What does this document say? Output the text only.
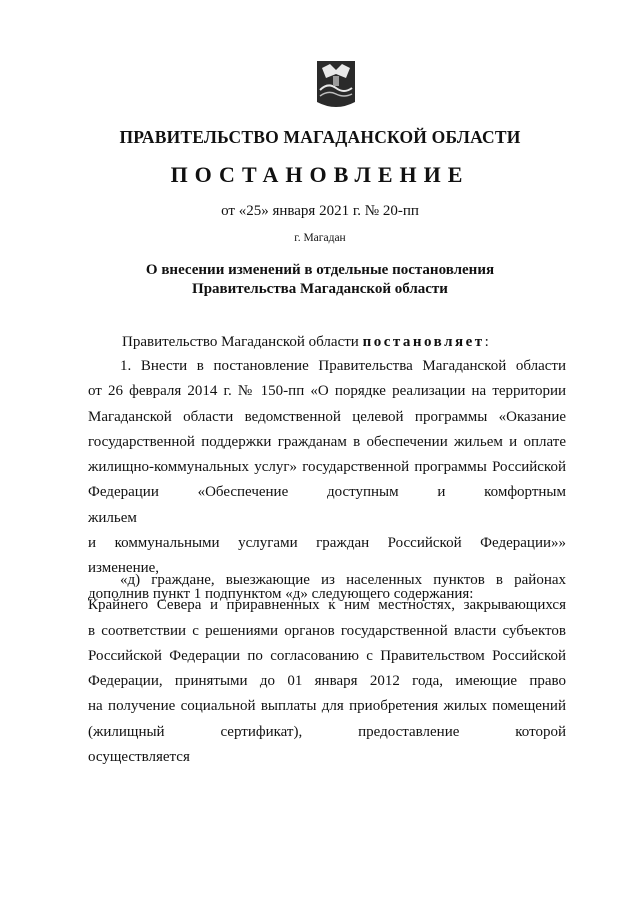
ПРАВИТЕЛЬСТВО МАГАДАНСКОЙ ОБЛАСТИ
ПОСТАНОВЛЕНИЕ
от «25» января 2021 г. № 20-пп
г. Магадан
О внесении изменений в отдельные постановления
Правительства Магаданской области
Правительство Магаданской области постановляет:
1. Внести в постановление Правительства Магаданской области
от 26 февраля 2014 г. № 150-пп «О порядке реализации на территории
Магаданской области ведомственной целевой программы «Оказание
государственной поддержки гражданам в обеспечении жильем и оплате
жилищно-коммунальных услуг» государственной программы Российской
Федерации «Обеспечение доступным и комфортным жильем
и коммунальными услугами граждан Российской Федерации»» изменение,
дополнив пункт 1 подпунктом «д» следующего содержания:
«д) граждане, выезжающие из населенных пунктов в районах
Крайнего Севера и приравненных к ним местностях, закрывающихся
в соответствии с решениями органов государственной власти субъектов
Российской Федерации по согласованию с Правительством Российской
Федерации, принятыми до 01 января 2012 года, имеющие право
на получение социальной выплаты для приобретения жилых помещений
(жилищный сертификат), предоставление которой осуществляется
